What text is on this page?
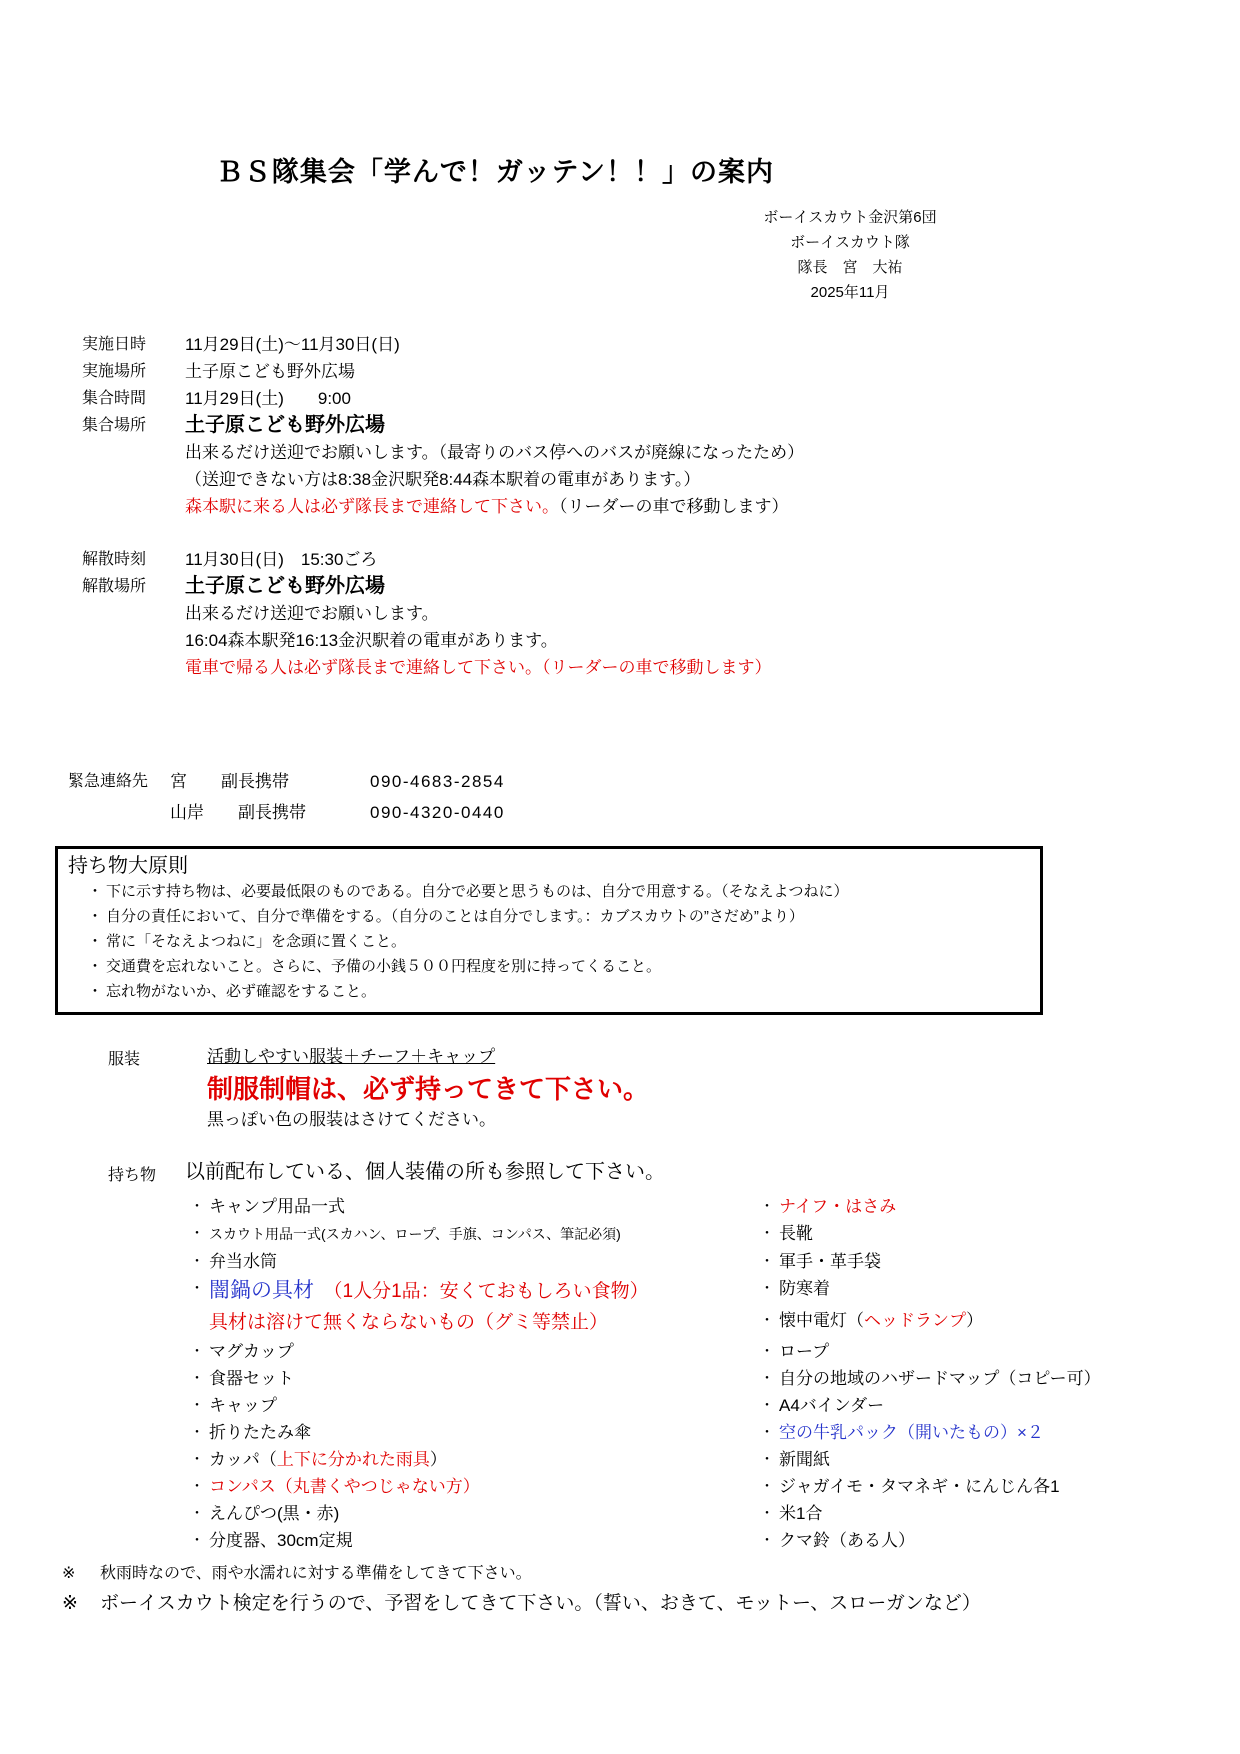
ＢＳ隊集会「学んで！ガッテン！！」の案内
ボーイスカウト金沢第6団
ボーイスカウト隊
隊長　宮　大祐
2025年11月
実施日時	11月29日(土)～11月30日(日)
実施場所	土子原こども野外広場
集合時間	11月29日(土)　　9:00
集合場所	土子原こども野外広場
出来るだけ送迎でお願いします。（最寄りのバス停へのバスが廃線になったため）
（送迎できない方は8:38金沢駅発8:44森本駅着の電車があります。）
森本駅に来る人は必ず隊長まで連絡して下さい。（リーダーの車で移動します）
解散時刻	11月30日(日)　15:30ごろ
解散場所	土子原こども野外広場
出来るだけ送迎でお願いします。
16:04森本駅発16:13金沢駅着の電車があります。
電車で帰る人は必ず隊長まで連絡して下さい。（リーダーの車で移動します）
緊急連絡先	宮　　副長携帯	090-4683-2854
山岸　　副長携帯	090-4320-0440
持ち物大原則
・ 下に示す持ち物は、必要最低限のものである。自分で必要と思うものは、自分で用意する。（そなえよつねに）
・ 自分の責任において、自分で準備をする。（自分のことは自分でします。：カブスカウトの”さだめ”より）
・ 常に「そなえよつねに」を念頭に置くこと。
・ 交通費を忘れないこと。さらに、予備の小銭５００円程度を別に持ってくること。
・ 忘れ物がないか、必ず確認をすること。
服装	活動しやすい服装＋チーフ＋キャップ
制服制帽は、必ず持ってきて下さい。
黒っぽい色の服装はさけてください。
持ち物	以前配布している、個人装備の所も参照して下さい。
・ キャンプ用品一式	・ ナイフ・はさみ
・ スカウト用品一式(スカハン、ロープ、手旗、コンパス、筆記必須)	・ 長靴
・ 弁当水筒	・ 軍手・革手袋
・ 闇鍋の具材　（1人分1品：安くておもしろい食物）	・ 防寒着
具材は溶けて無くならないもの（グミ等禁止）	・ 懐中電灯（ヘッドランプ）
・ マグカップ	・ ロープ
・ 食器セット	・ 自分の地域のハザードマップ（コピー可）
・ キャップ	・ A4バインダー
・ 折りたたみ傘	・ 空の牛乳パック（開いたもの）×２
・ カッパ（上下に分かれた雨具）	・ 新聞紙
・ コンパス（丸書くやつじゃない方）	・ ジャガイモ・タマネギ・にんじん各1
・ えんぴつ(黒・赤)	・ 米1合
・ 分度器、30cm定規	・ クマ鈴（ある人）
※	秋雨時なので、雨や水濡れに対する準備をしてきて下さい。
※	ボーイスカウト検定を行うので、予習をしてきて下さい。（誓い、おきて、モットー、スローガンなど）
